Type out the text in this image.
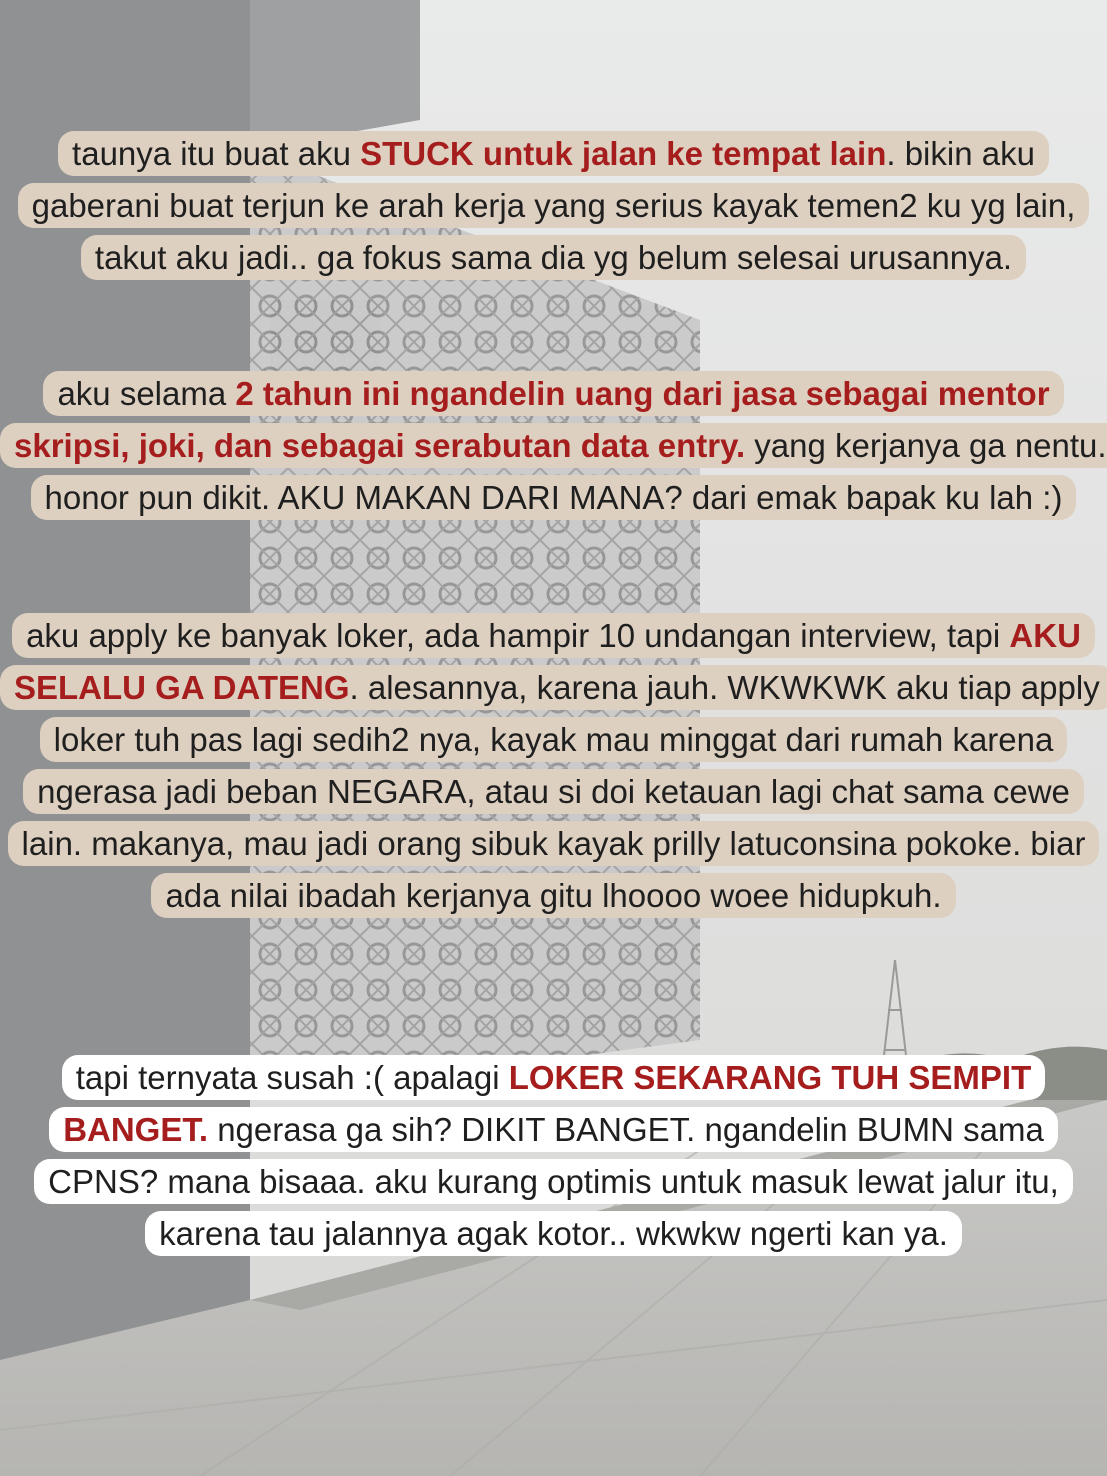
taunya itu buat aku STUCK untuk jalan ke tempat lain. bikin aku gaberani buat terjun ke arah kerja yang serius kayak temen2 ku yg lain, takut aku jadi.. ga fokus sama dia yg belum selesai urusannya.

aku selama 2 tahun ini ngandelin uang dari jasa sebagai mentor skripsi, joki, dan sebagai serabutan data entry. yang kerjanya ga nentu. honor pun dikit. AKU MAKAN DARI MANA? dari emak bapak ku lah :)

aku apply ke banyak loker, ada hampir 10 undangan interview, tapi AKU SELALU GA DATENG. alesannya, karena jauh. WKWKWK aku tiap apply loker tuh pas lagi sedih2 nya, kayak mau minggat dari rumah karena ngerasa jadi beban NEGARA, atau si doi ketauan lagi chat sama cewe lain. makanya, mau jadi orang sibuk kayak prilly latuconsina pokoke. biar ada nilai ibadah kerjanya gitu lhoooo woee hidupkuh.

tapi ternyata susah :( apalagi LOKER SEKARANG TUH SEMPIT BANGET. ngerasa ga sih? DIKIT BANGET. ngandelin BUMN sama CPNS? mana bisaaa. aku kurang optimis untuk masuk lewat jalur itu, karena tau jalannya agak kotor.. wkwkw ngerti kan ya.
